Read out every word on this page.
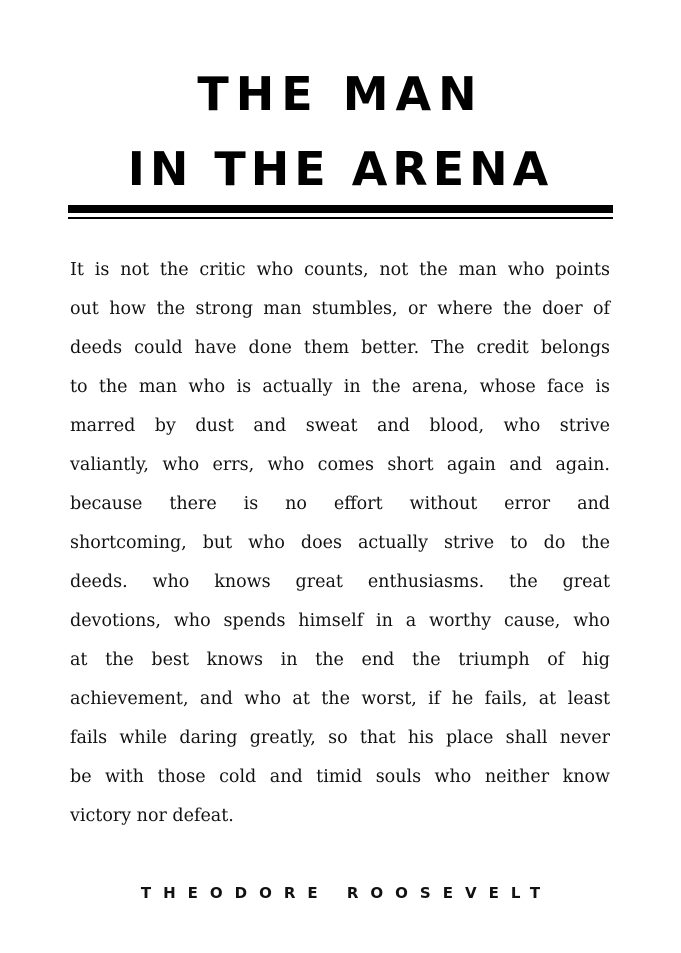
THE MAN
IN THE ARENA
It is not the critic who counts, not the man who points
out how the strong man stumbles, or where the doer of
deeds could have done them better. The credit belongs
to the man who is actually in the arena, whose face is
marred by dust and sweat and blood, who strive
valiantly, who errs, who comes short again and again.
because there is no effort without error and
shortcoming, but who does actually strive to do the
deeds. who knows great enthusiasms. the great
devotions, who spends himself in a worthy cause, who
at the best knows in the end the triumph of hig
achievement, and who at the worst, if he fails, at least
fails while daring greatly, so that his place shall never
be with those cold and timid souls who neither know
victory nor defeat.
THEODORE ROOSEVELT
